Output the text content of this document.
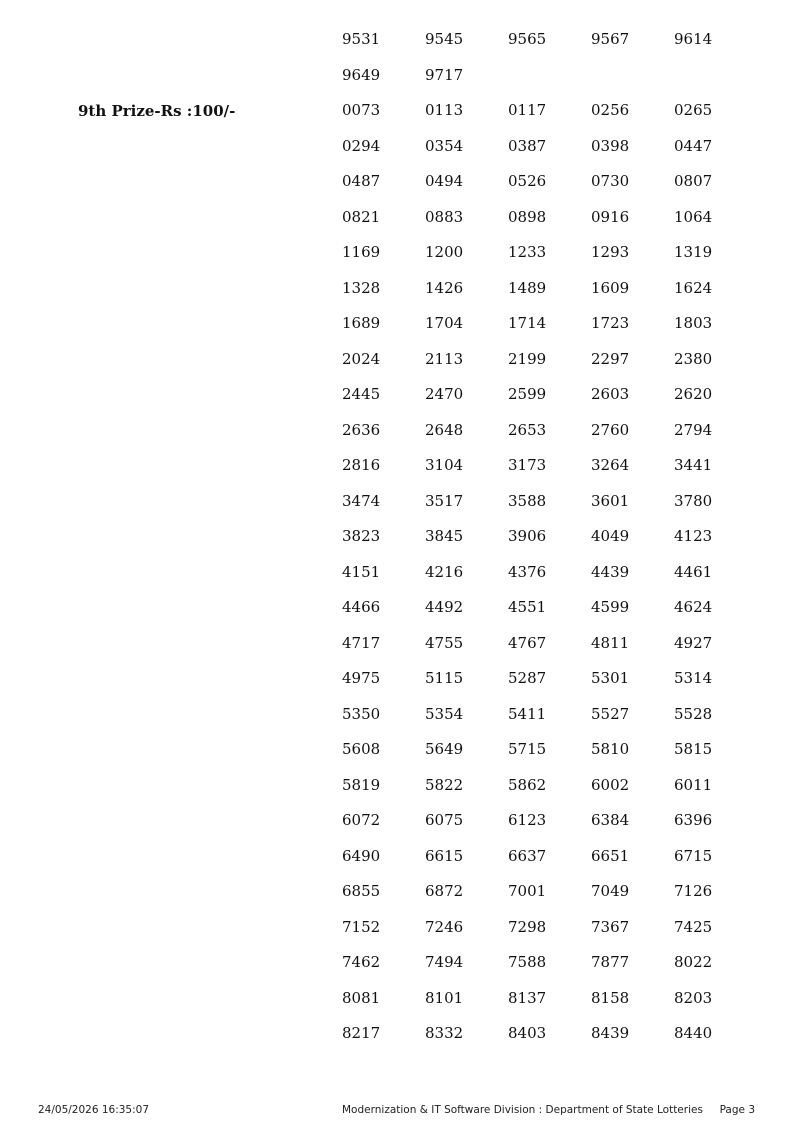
9531	9545	9565	9567	9614
9649	9717
9th Prize-Rs :100/-	0073	0113	0117	0256	0265
0294	0354	0387	0398	0447
0487	0494	0526	0730	0807
0821	0883	0898	0916	1064
1169	1200	1233	1293	1319
1328	1426	1489	1609	1624
1689	1704	1714	1723	1803
2024	2113	2199	2297	2380
2445	2470	2599	2603	2620
2636	2648	2653	2760	2794
2816	3104	3173	3264	3441
3474	3517	3588	3601	3780
3823	3845	3906	4049	4123
4151	4216	4376	4439	4461
4466	4492	4551	4599	4624
4717	4755	4767	4811	4927
4975	5115	5287	5301	5314
5350	5354	5411	5527	5528
5608	5649	5715	5810	5815
5819	5822	5862	6002	6011
6072	6075	6123	6384	6396
6490	6615	6637	6651	6715
6855	6872	7001	7049	7126
7152	7246	7298	7367	7425
7462	7494	7588	7877	8022
8081	8101	8137	8158	8203
8217	8332	8403	8439	8440
24/05/2026 16:35:07	Modernization & IT Software Division : Department of State Lotteries Page 3
